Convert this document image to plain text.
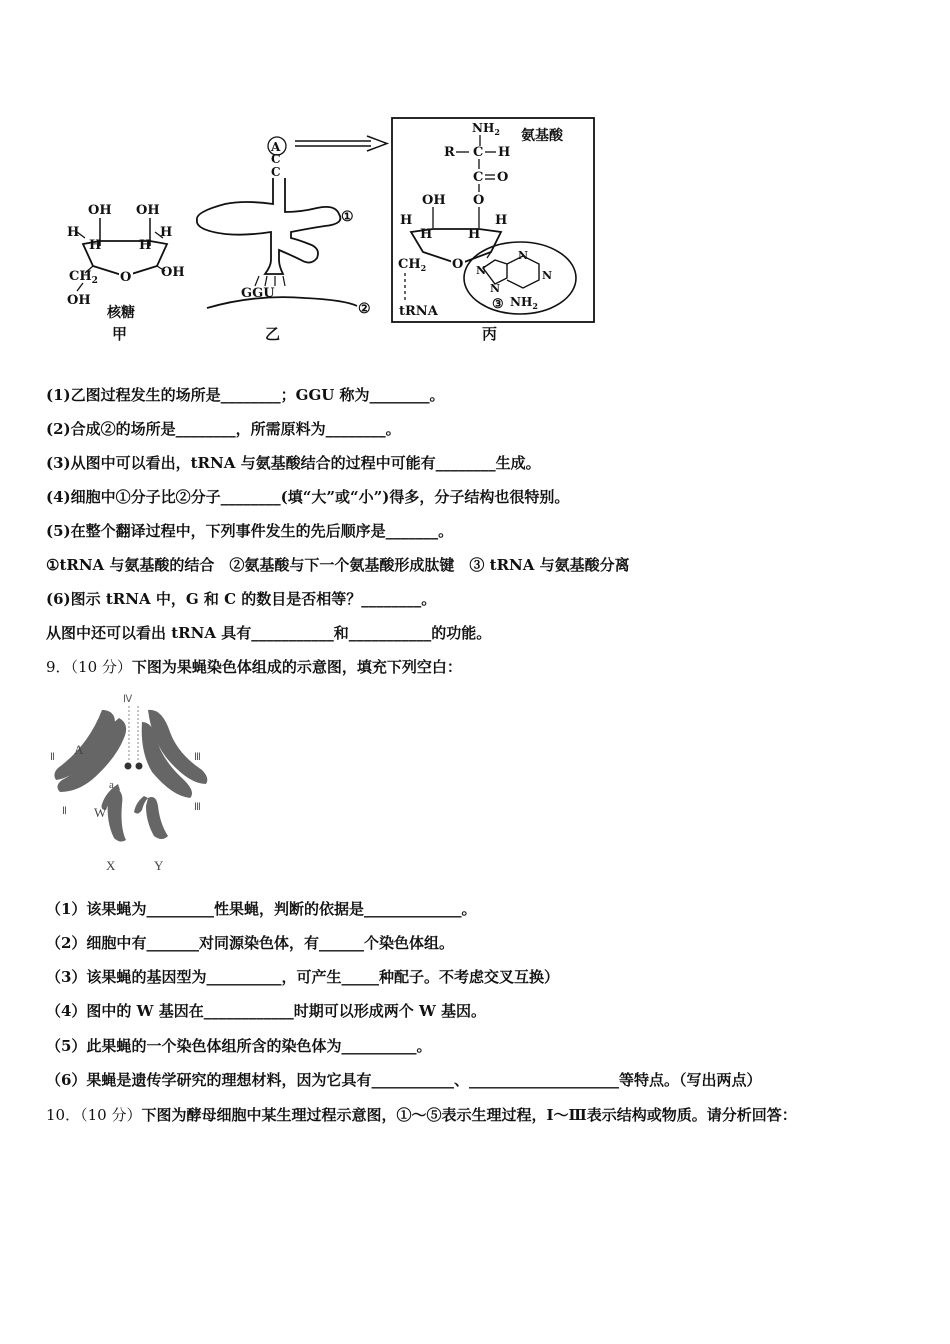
OH OH
H
H	H
H
$CH_2$ O OH
OH
核糖
甲
A
C
C
①
GGU
②
乙
$NH_2$ 氨基酸
R C H
C O
O
OH
H
H	H
H
$CH_2$ O
tRNA
N
N
N
N
③ $NH_2$
丙
(1)乙图过程发生的场所是________；GGU 称为________。
(2)合成②的场所是________，所需原料为________。
(3)从图中可以看出，tRNA 与氨基酸结合的过程中可能有________生成。
(4)细胞中①分子比②分子________(填“大”或“小”)得多，分子结构也很特别。
(5)在整个翻译过程中，下列事件发生的先后顺序是_______。
①tRNA 与氨基酸的结合　②氨基酸与下一个氨基酸形成肽键　③ tRNA 与氨基酸分离
(6)图示 tRNA 中，G 和 C 的数目是否相等？________。
从图中还可以看出 tRNA 具有___________和___________的功能。
9．（10 分）下图为果蝇染色体组成的示意图，填充下列空白：
Ⅳ
A
a
Ⅱ
Ⅱ
Ⅲ
Ⅲ
W
X	Y
（1）该果蝇为_________性果蝇，判断的依据是_____________。
（2）细胞中有_______对同源染色体，有______个染色体组。
（3）该果蝇的基因型为__________，可产生_____种配子。不考虑交叉互换）
（4）图中的 W 基因在____________时期可以形成两个 W 基因。
（5）此果蝇的一个染色体组所含的染色体为__________。
（6）果蝇是遗传学研究的理想材料，因为它具有___________、____________________等特点。（写出两点）
10．（10 分）下图为酵母细胞中某生理过程示意图，①～⑤表示生理过程，Ⅰ～Ⅲ表示结构或物质。请分析回答：
